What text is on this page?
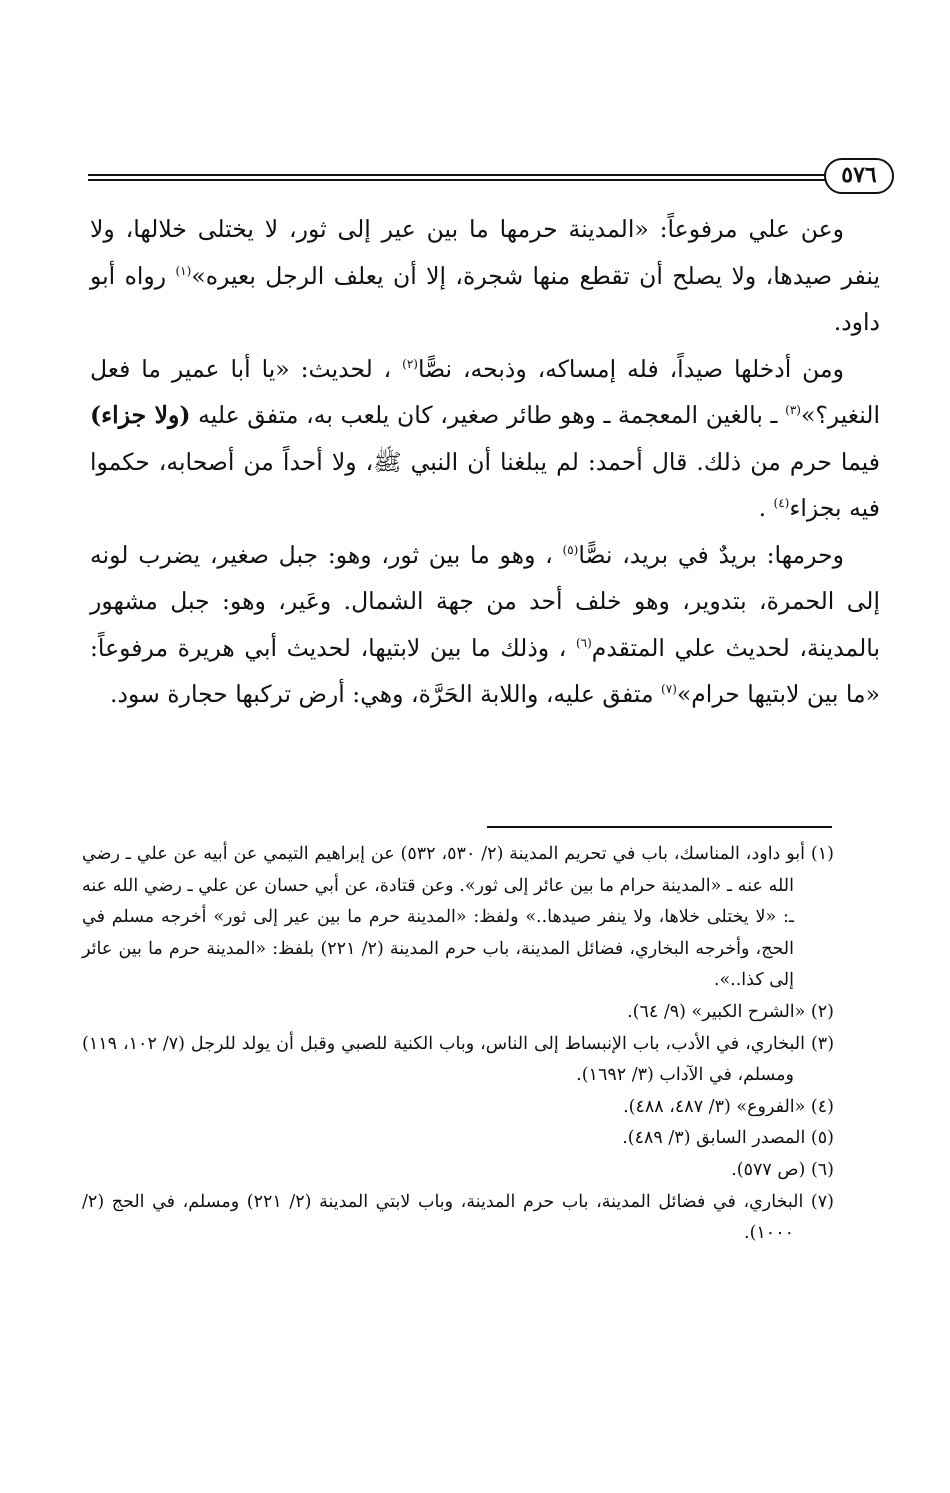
٥٧٦

وعن علي مرفوعاً: «المدينة حرمها ما بين عير إلى ثور، لا يختلى خلالها، ولا ينفر صيدها، ولا يصلح أن تقطع منها شجرة، إلا أن يعلف الرجل بعيره»$^{(١)}$ رواه أبو داود.

ومن أدخلها صيداً، فله إمساكه، وذبحه، نصًّا$^{(٢)}$ ، لحديث: «يا أبا عمير ما فعل النغير؟»$^{(٣)}$ ـ بالغين المعجمة ـ وهو طائر صغير، كان يلعب به، متفق عليه (ولا جزاء) فيما حرم من ذلك. قال أحمد: لم يبلغنا أن النبي ﷺ، ولا أحداً من أصحابه، حكموا فيه بجزاء$^{(٤)}$ .

وحرمها: بريدٌ في بريد، نصًّا$^{(٥)}$ ، وهو ما بين ثور، وهو: جبل صغير، يضرب لونه إلى الحمرة، بتدوير، وهو خلف أحد من جهة الشمال. وعَير، وهو: جبل مشهور بالمدينة، لحديث علي المتقدم$^{(٦)}$ ، وذلك ما بين لابتيها، لحديث أبي هريرة مرفوعاً: «ما بين لابتيها حرام»$^{(٧)}$ متفق عليه، واللابة الحَرَّة، وهي: أرض تركبها حجارة سود.

(١) أبو داود، المناسك، باب في تحريم المدينة (٢/ ٥٣٠، ٥٣٢) عن إبراهيم التيمي عن أبيه عن علي ـ رضي الله عنه ـ «المدينة حرام ما بين عائر إلى ثور». وعن قتادة، عن أبي حسان عن علي ـ رضي الله عنه ـ: «لا يختلى خلاها، ولا ينفر صيدها..» ولفظ: «المدينة حرم ما بين عير إلى ثور» أخرجه مسلم في الحج، وأخرجه البخاري، فضائل المدينة، باب حرم المدينة (٢/ ٢٢١) بلفظ: «المدينة حرم ما بين عائر إلى كذا..».

(٢) «الشرح الكبير» (٩/ ٦٤).

(٣) البخاري، في الأدب، باب الإنبساط إلى الناس، وباب الكنية للصبي وقبل أن يولد للرجل (٧/ ١٠٢، ١١٩) ومسلم، في الآداب (٣/ ١٦٩٢).

(٤) «الفروع» (٣/ ٤٨٧، ٤٨٨).

(٥) المصدر السابق (٣/ ٤٨٩).

(٦) (ص ٥٧٧).

(٧) البخاري، في فضائل المدينة، باب حرم المدينة، وباب لابتي المدينة (٢/ ٢٢١) ومسلم، في الحج (٢/ ١٠٠٠).
